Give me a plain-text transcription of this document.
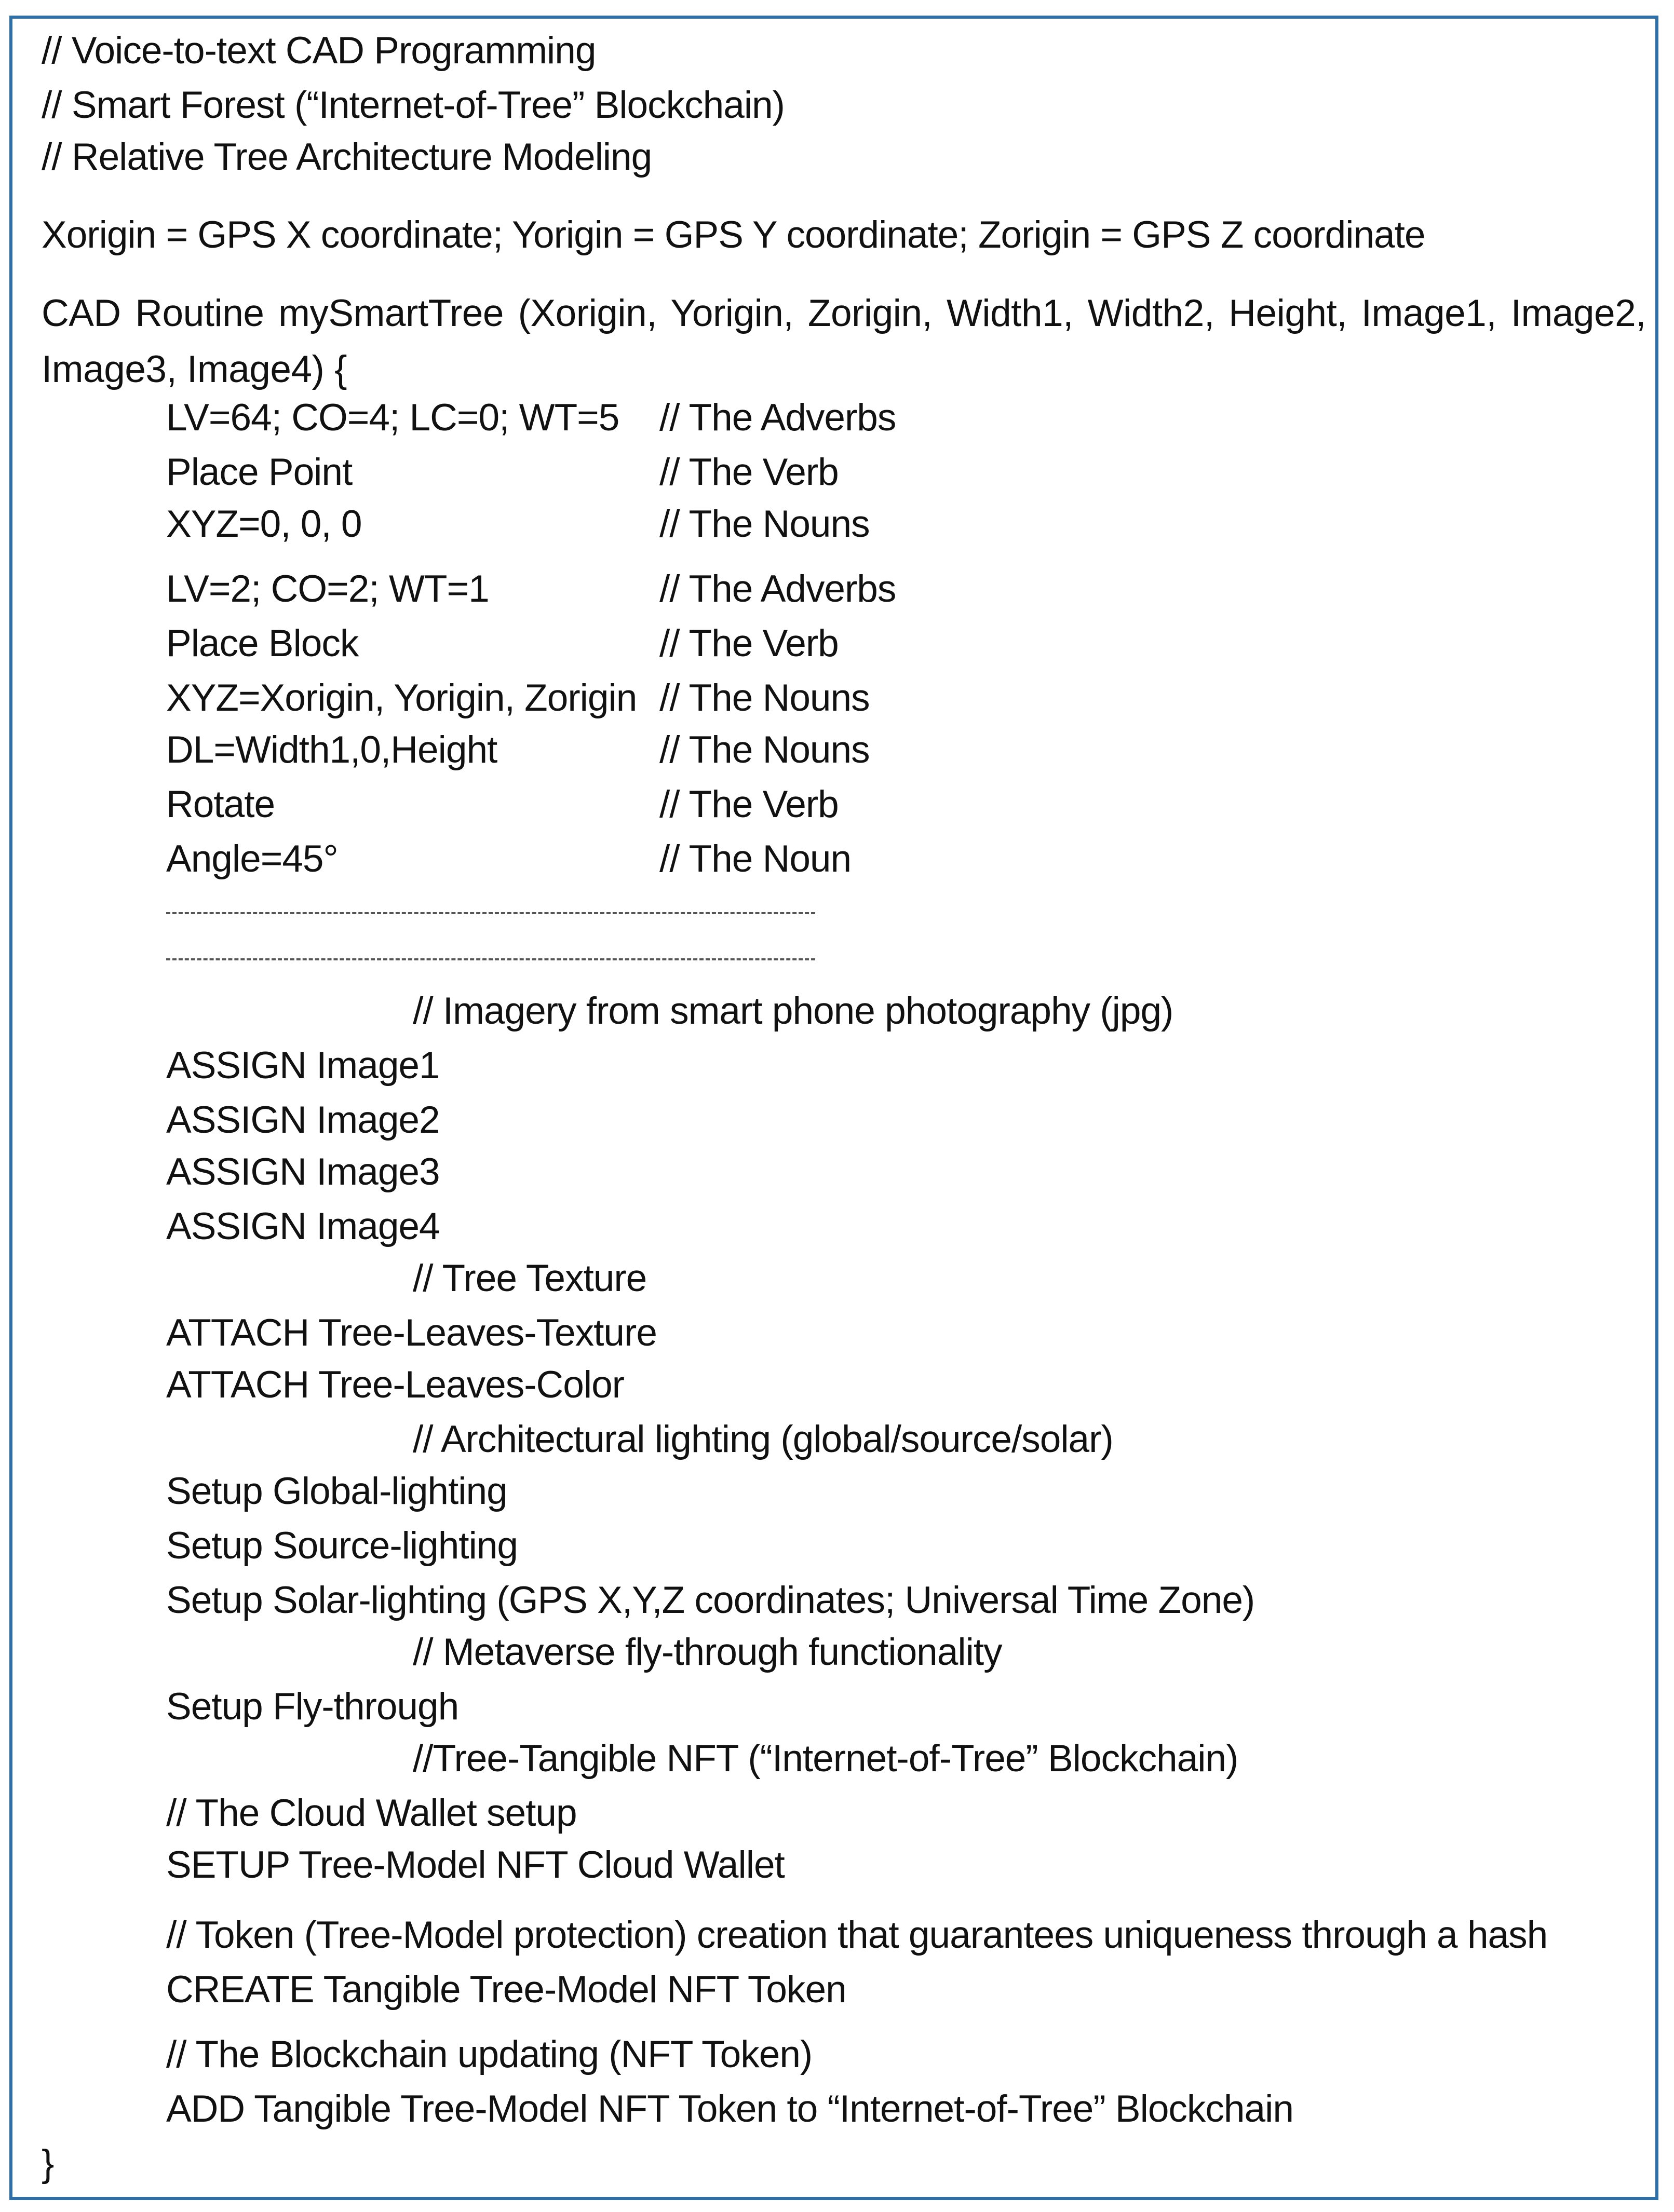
// Voice-to-text CAD Programming
// Smart Forest (“Internet-of-Tree” Blockchain)
// Relative Tree Architecture Modeling
Xorigin = GPS X coordinate; Yorigin = GPS Y coordinate; Zorigin = GPS Z coordinate
CAD Routine mySmartTree (Xorigin, Yorigin, Zorigin, Width1, Width2, Height, Image1, Image2, Image3, Image4) {
LV=64; CO=4; LC=0; WT=5 // The Adverbs
Place Point	// The Verb
XYZ=0, 0, 0	// The Nouns
LV=2; CO=2; WT=1	// The Adverbs
Place Block	// The Verb
XYZ=Xorigin, Yorigin, Zorigin // The Nouns
DL=Width1,0,Height	// The Nouns
Rotate	// The Verb
Angle=45°	// The Noun
// Imagery from smart phone photography (jpg)
ASSIGN Image1
ASSIGN Image2
ASSIGN Image3
ASSIGN Image4
// Tree Texture
ATTACH Tree-Leaves-Texture
ATTACH Tree-Leaves-Color
// Architectural lighting (global/source/solar)
Setup Global-lighting
Setup Source-lighting
Setup Solar-lighting (GPS X,Y,Z coordinates; Universal Time Zone)
// Metaverse fly-through functionality
Setup Fly-through
//Tree-Tangible NFT (“Internet-of-Tree” Blockchain)
// The Cloud Wallet setup
SETUP Tree-Model NFT Cloud Wallet
// Token (Tree-Model protection) creation that guarantees uniqueness through a hash
CREATE Tangible Tree-Model NFT Token
// The Blockchain updating (NFT Token)
ADD Tangible Tree-Model NFT Token to “Internet-of-Tree” Blockchain
}
